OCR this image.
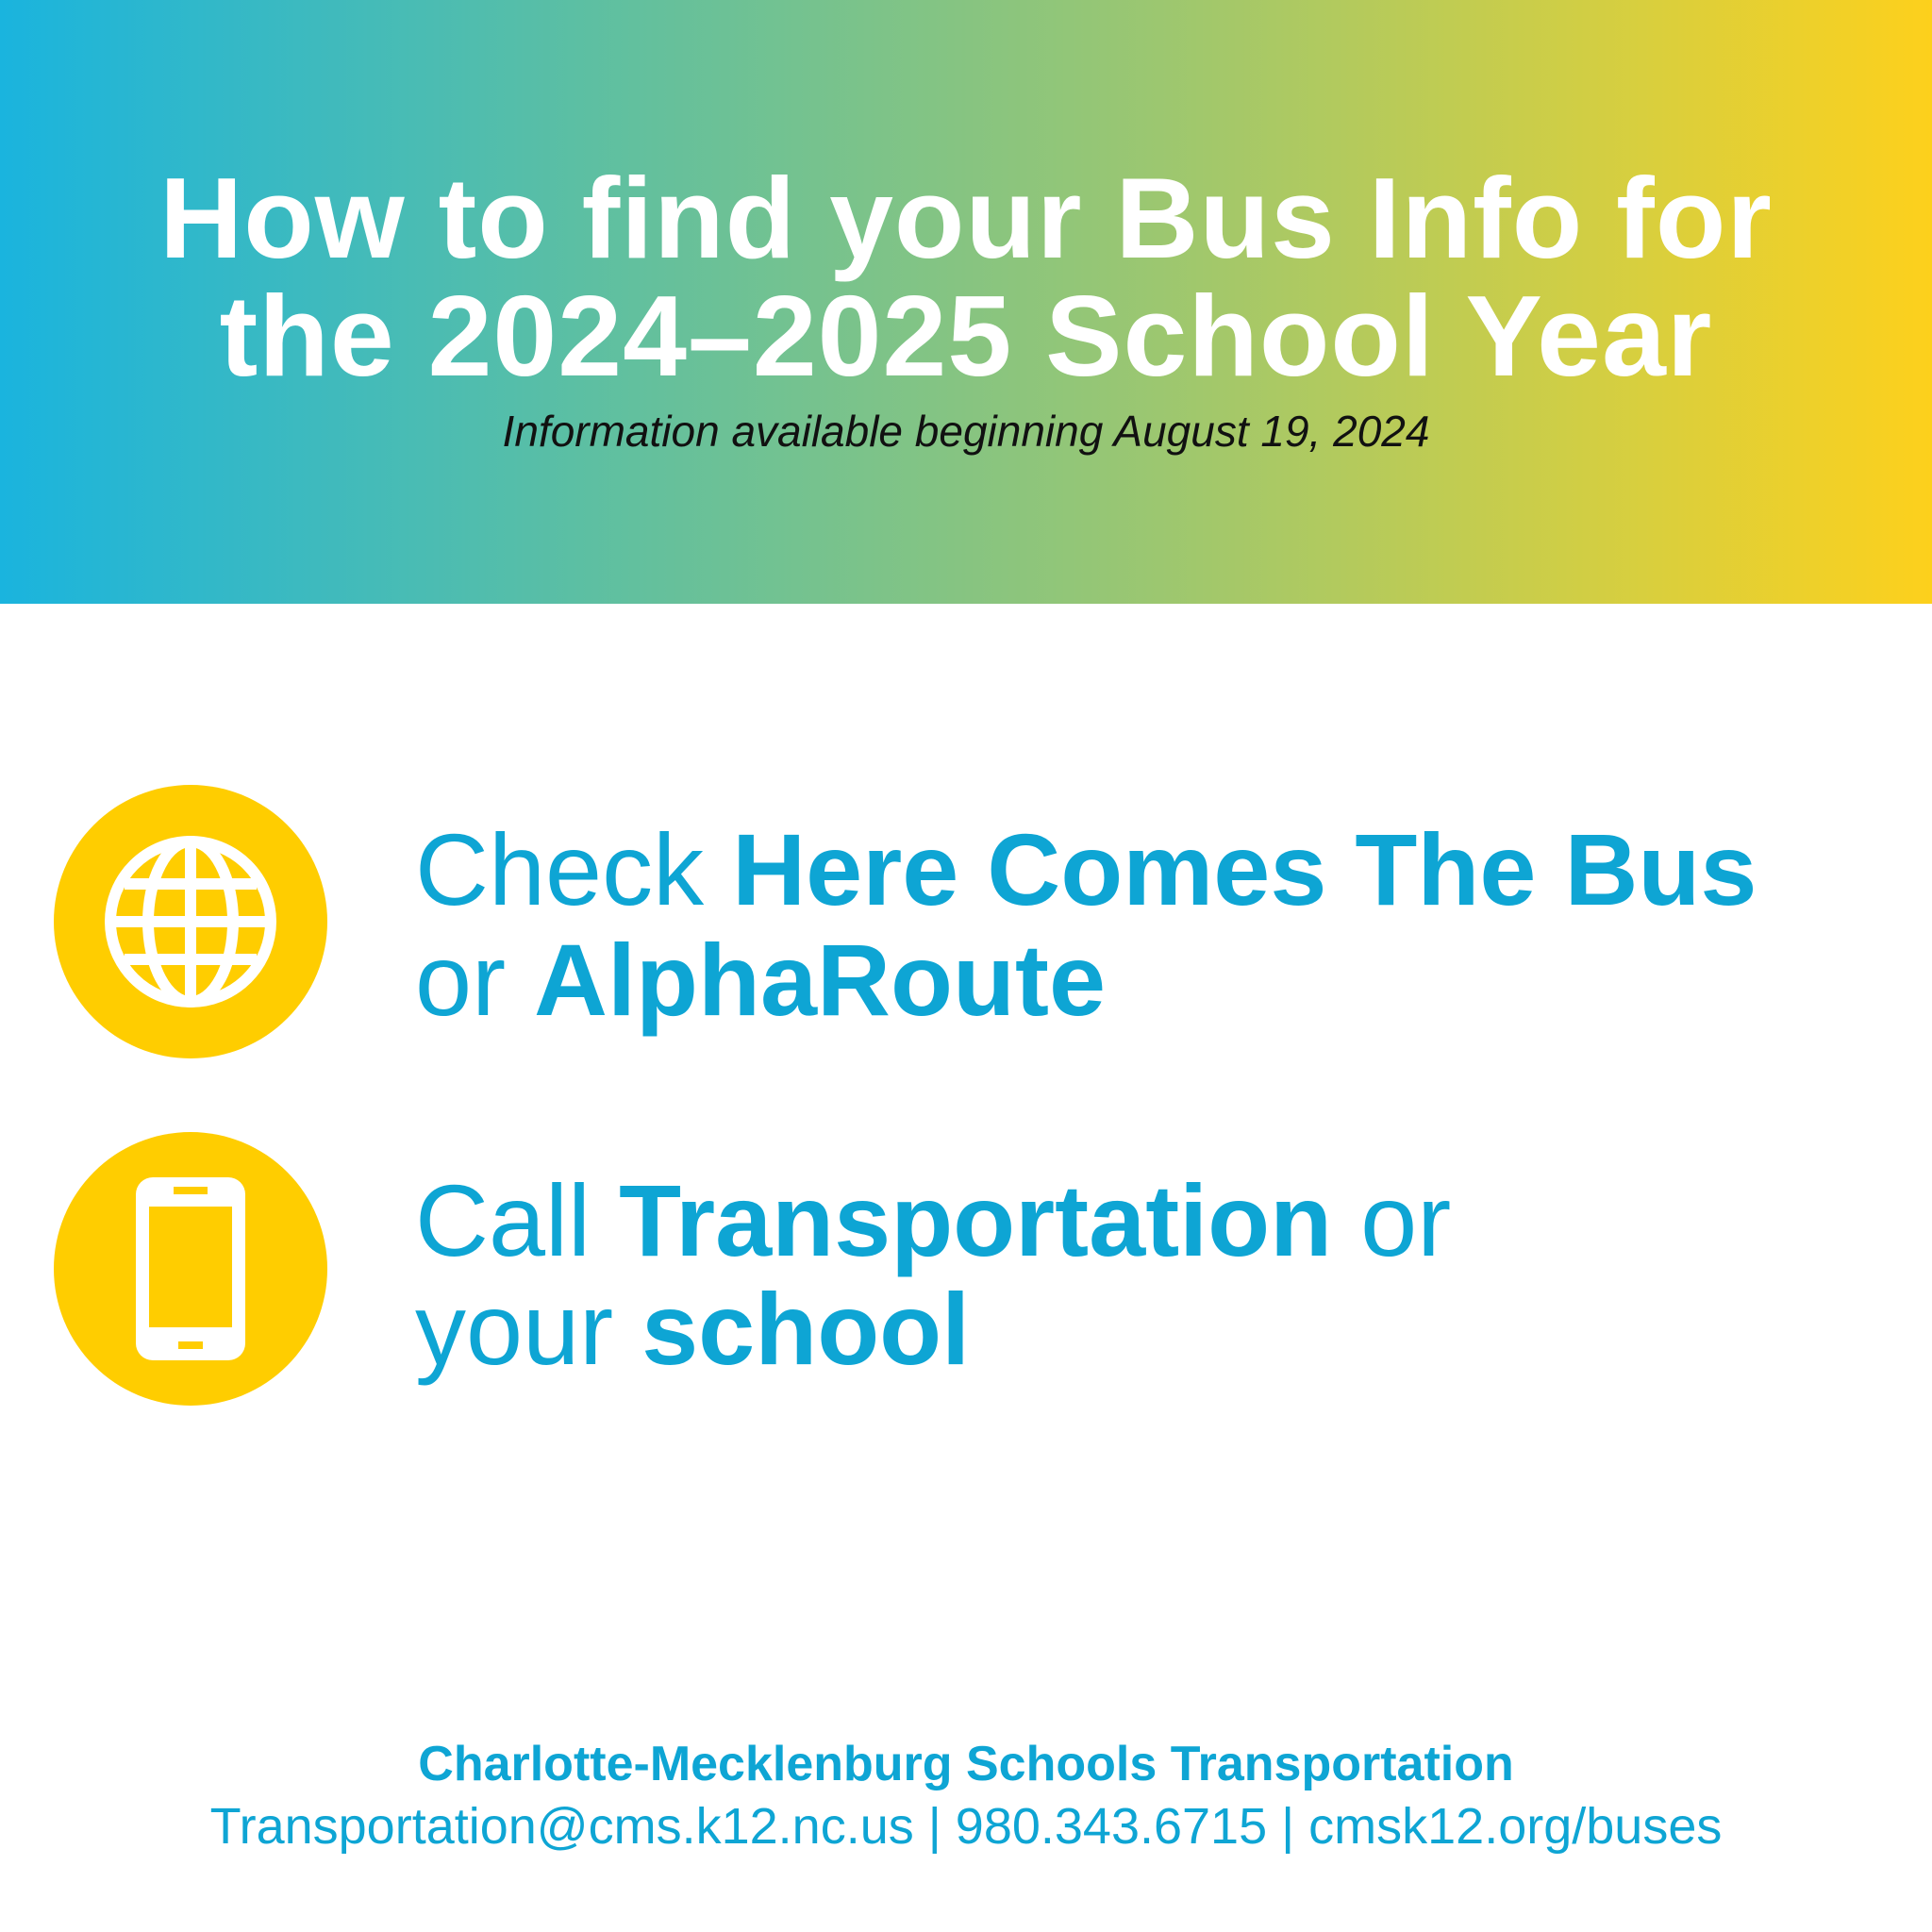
How to find your Bus Info for
the 2024–2025 School Year
Information available beginning August 19, 2024
Check Here Comes The Bus
or AlphaRoute
Call Transportation or
your school
Charlotte-Mecklenburg Schools Transportation
Transportation@cms.k12.nc.us | 980.343.6715 | cmsk12.org/buses
